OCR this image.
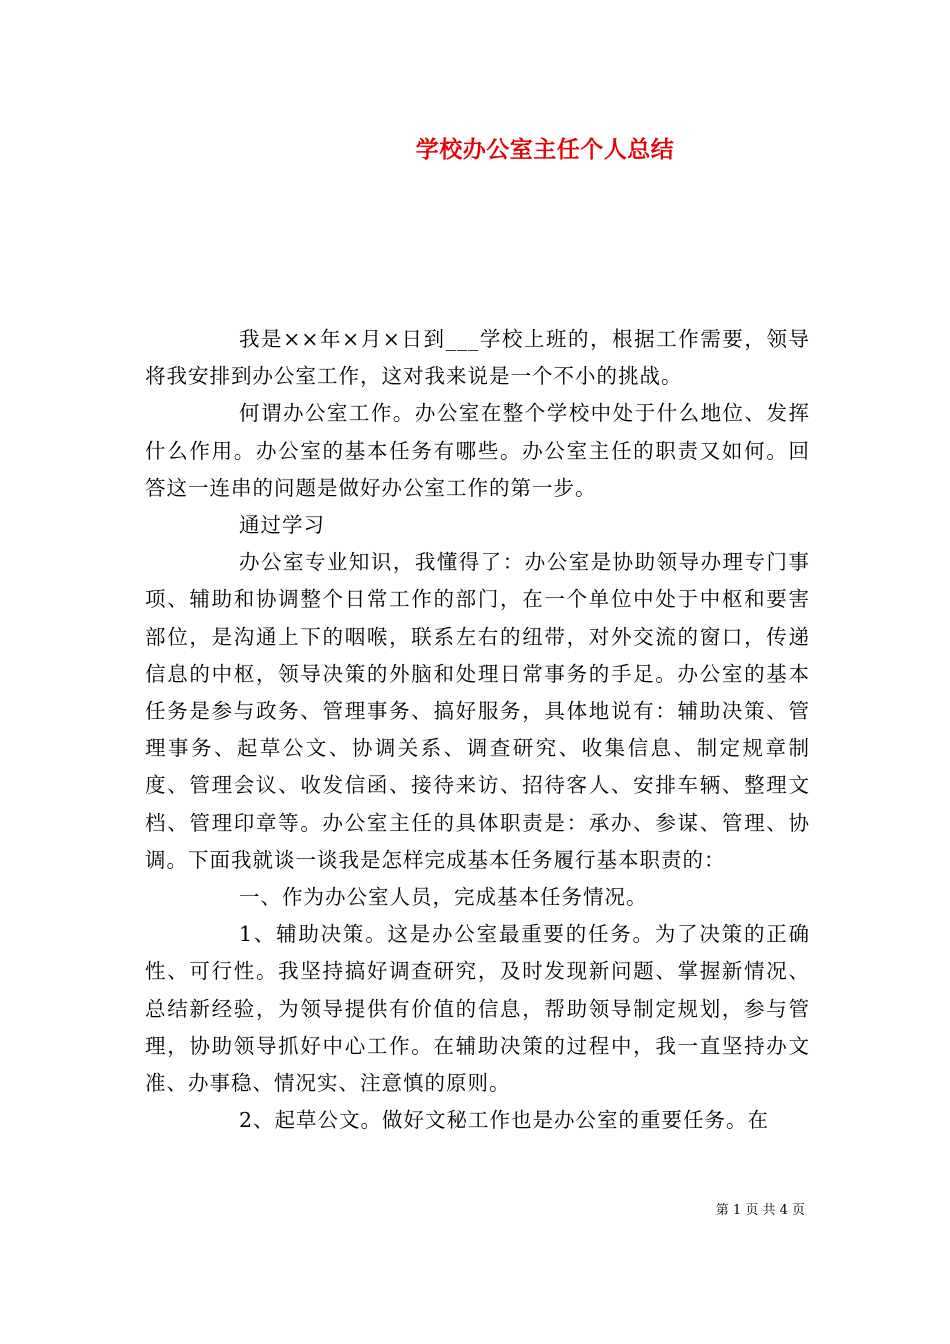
学校办公室主任个人总结

我是××年×月×日到___学校上班的，根据工作需要，领导将我安排到办公室工作，这对我来说是一个不小的挑战。

何谓办公室工作。办公室在整个学校中处于什么地位、发挥什么作用。办公室的基本任务有哪些。办公室主任的职责又如何。回答这一连串的问题是做好办公室工作的第一步。

通过学习

办公室专业知识，我懂得了：办公室是协助领导办理专门事项、辅助和协调整个日常工作的部门，在一个单位中处于中枢和要害部位，是沟通上下的咽喉，联系左右的纽带，对外交流的窗口，传递信息的中枢，领导决策的外脑和处理日常事务的手足。办公室的基本任务是参与政务、管理事务、搞好服务，具体地说有：辅助决策、管理事务、起草公文、协调关系、调查研究、收集信息、制定规章制度、管理会议、收发信函、接待来访、招待客人、安排车辆、整理文档、管理印章等。办公室主任的具体职责是：承办、参谋、管理、协调。下面我就谈一谈我是怎样完成基本任务履行基本职责的：

一、作为办公室人员，完成基本任务情况。

1、辅助决策。这是办公室最重要的任务。为了决策的正确性、可行性。我坚持搞好调查研究，及时发现新问题、掌握新情况、总结新经验，为领导提供有价值的信息，帮助领导制定规划，参与管理，协助领导抓好中心工作。在辅助决策的过程中，我一直坚持办文准、办事稳、情况实、注意慎的原则。

2、起草公文。做好文秘工作也是办公室的重要任务。在

第 1 页 共 4 页
